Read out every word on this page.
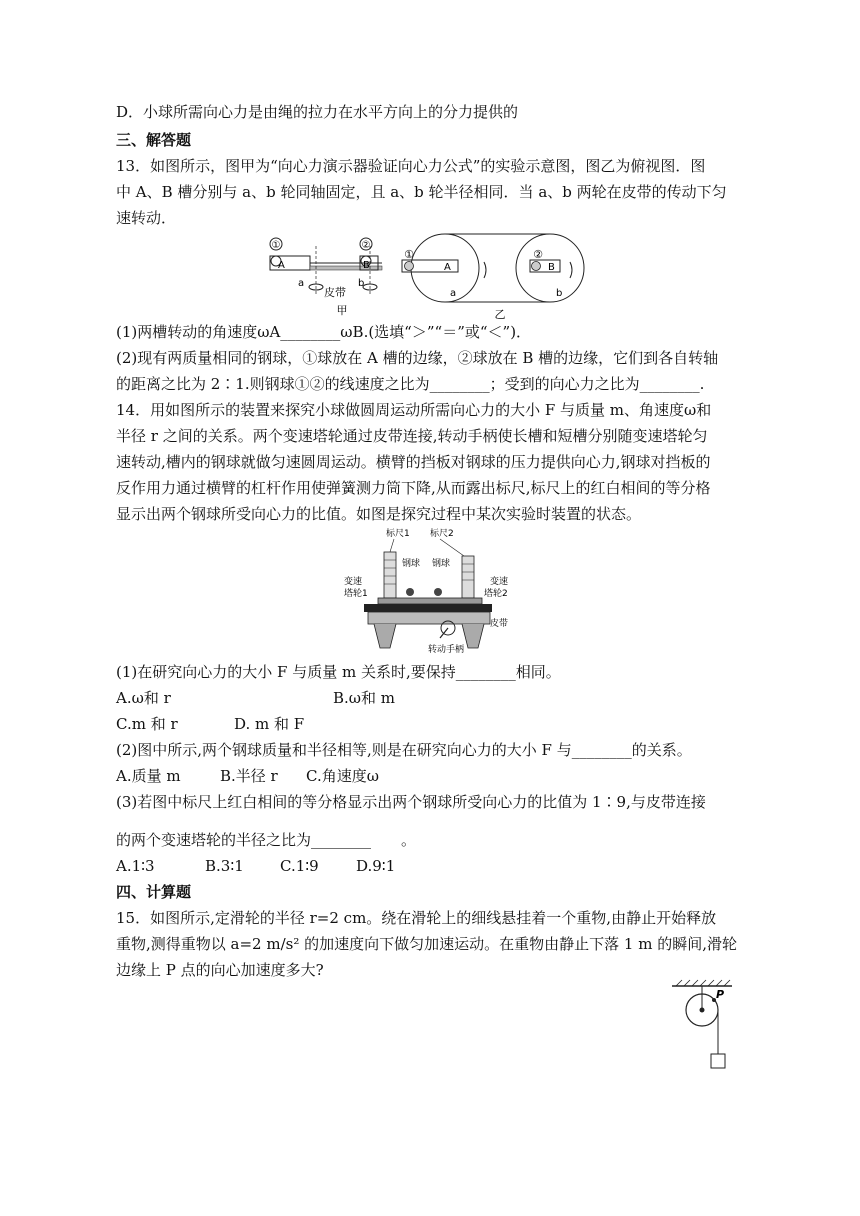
D．小球所需向心力是由绳的拉力在水平方向上的分力提供的
三、解答题
13．如图所示，图甲为“向心力演示器验证向心力公式”的实验示意图，图乙为俯视图．图
中 A、B 槽分别与 a、b 轮同轴固定，且 a、b 轮半径相同．当 a、b 两轮在皮带的传动下匀
速转动．
①
A
②
B
a	b
皮带
甲
①
A
②
B
a	b
乙
(1)两槽转动的角速度ωA________ωB.(选填“＞”“＝”或“＜”)．
(2)现有两质量相同的钢球，①球放在 A 槽的边缘，②球放在 B 槽的边缘，它们到各自转轴
的距离之比为 2∶1.则钢球①②的线速度之比为________；受到的向心力之比为________.
14．用如图所示的装置来探究小球做圆周运动所需向心力的大小 F 与质量 m、角速度ω和
半径 r 之间的关系。两个变速塔轮通过皮带连接,转动手柄使长槽和短槽分别随变速塔轮匀
速转动,槽内的钢球就做匀速圆周运动。横臂的挡板对钢球的压力提供向心力,钢球对挡板的
反作用力通过横臂的杠杆作用使弹簧测力筒下降,从而露出标尺,标尺上的红白相间的等分格
显示出两个钢球所受向心力的比值。如图是探究过程中某次实验时装置的状态。
标尺1 标尺2
钢球 钢球
变速
塔轮1
变速
塔轮2
皮带
转动手柄
(1)在研究向心力的大小 F 与质量 m 关系时,要保持________相同。
A.ω和 r	B.ω和 m
C.m 和 r	D. m 和 F
(2)图中所示,两个钢球质量和半径相等,则是在研究向心力的大小 F 与________的关系。
A.质量 m	B.半径 r C.角速度ω
(3)若图中标尺上红白相间的等分格显示出两个钢球所受向心力的比值为 1∶9,与皮带连接
的两个变速塔轮的半径之比为________　　。
A.1∶3	B.3∶1 C.1∶9 D.9∶1
四、计算题
15．如图所示,定滑轮的半径 r=2 cm。绕在滑轮上的细线悬挂着一个重物,由静止开始释放
重物,测得重物以 a=2 m/s² 的加速度向下做匀加速运动。在重物由静止下落 1 m 的瞬间,滑轮
边缘上 P 点的向心加速度多大?
P
